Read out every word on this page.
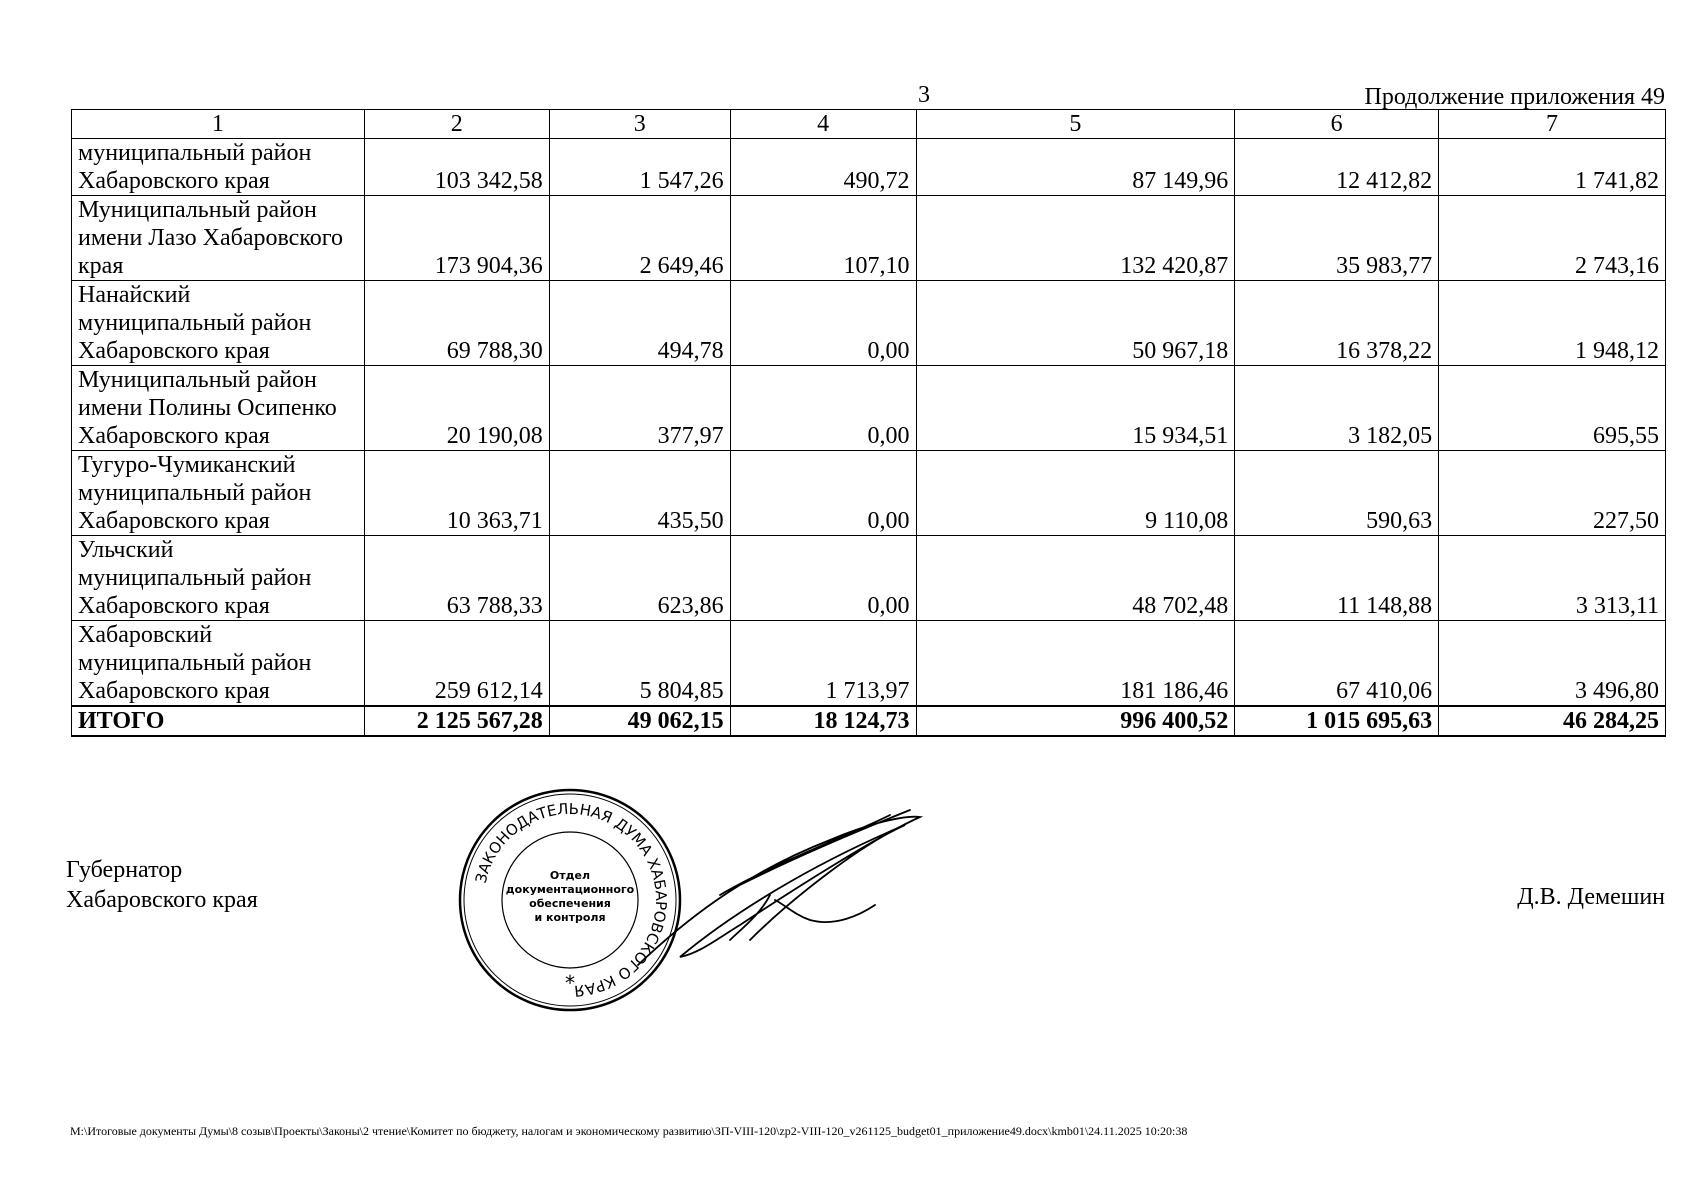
3	Продолжение приложения 49
1	2	3	4	5	6	7

муниципальный район
Хабаровского края	103 342,58	1 547,26	490,72	87 149,96	12 412,82	1 741,82

Муниципальный район
имени Лазо Хабаровского
края	173 904,36	2 649,46	107,10	132 420,87	35 983,77	2 743,16

Нанайский
муниципальный район
Хабаровского края	69 788,30	494,78	0,00	50 967,18	16 378,22	1 948,12

Муниципальный район
имени Полины Осипенко
Хабаровского края	20 190,08	377,97	0,00	15 934,51	3 182,05	695,55

Тугуро-Чумиканский
муниципальный район
Хабаровского края	10 363,71	435,50	0,00	9 110,08	590,63	227,50

Ульчский
муниципальный район
Хабаровского края	63 788,33	623,86	0,00	48 702,48	11 148,88	3 313,11

Хабаровский
муниципальный район
Хабаровского края	259 612,14	5 804,85	1 713,97	181 186,46	67 410,06	3 496,80
ИТОГО	2 125 567,28	49 062,15	18 124,73	996 400,52	1 015 695,63	46 284,25
Губернатор
Хабаровского края
ЗАКОНОДАТЕЛЬНАЯ ДУМА ХАБАРОВСКОГО КРАЯ
Отдел
документационного
обеспечения
и контроля
*
Д.В. Демешин
M:\Итоговые документы Думы\8 созыв\Проекты\Законы\2 чтение\Комитет по бюджету, налогам и экономическому развитию\ЗП-VIII-120\zp2-VIII-120_v261125_budget01_приложение49.docx\kmb01\24.11.2025 10:20:38
